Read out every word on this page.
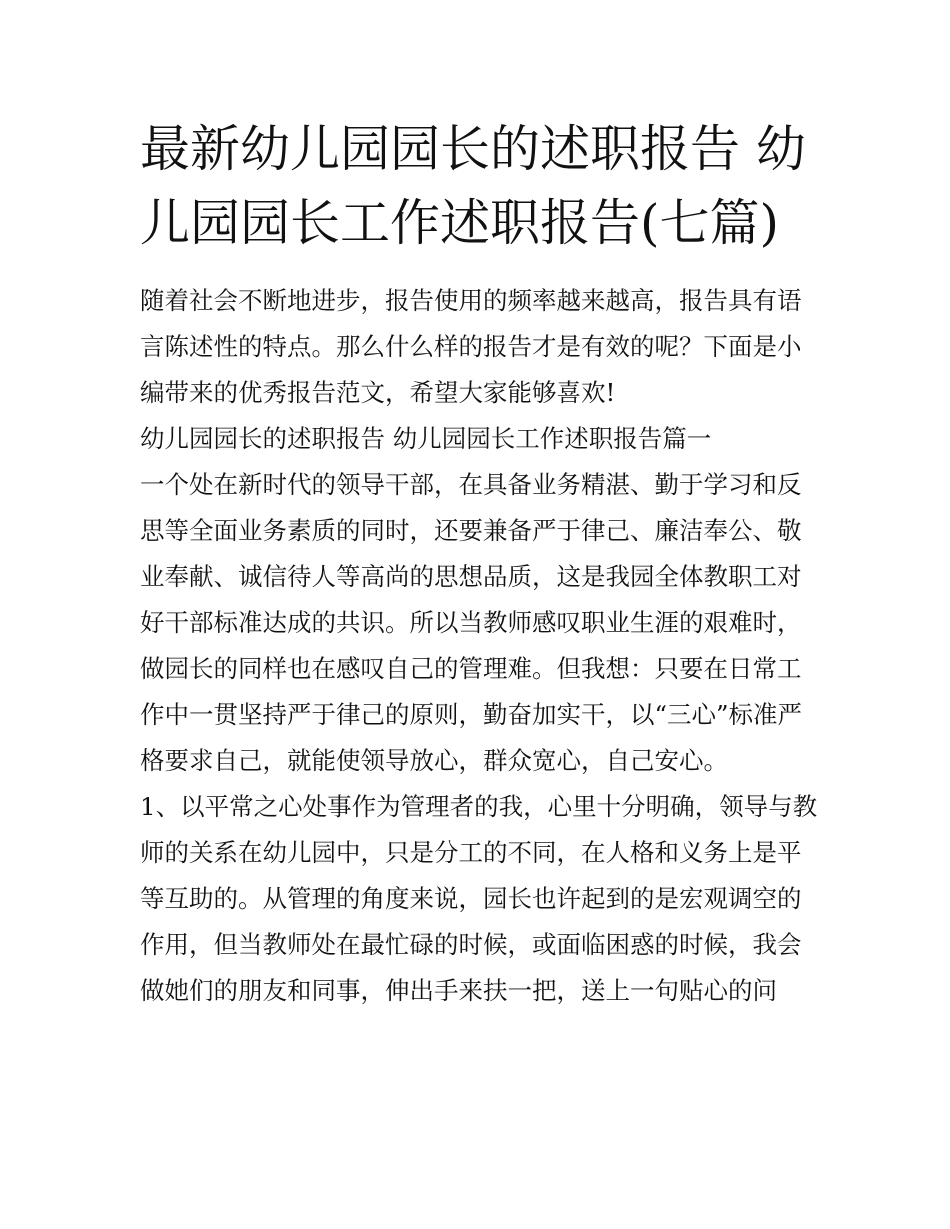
最新幼儿园园长的述职报告 幼儿园园长工作述职报告(七篇)

随着社会不断地进步，报告使用的频率越来越高，报告具有语言陈述性的特点。那么什么样的报告才是有效的呢？下面是小编带来的优秀报告范文，希望大家能够喜欢!

幼儿园园长的述职报告 幼儿园园长工作述职报告篇一

一个处在新时代的领导干部，在具备业务精湛、勤于学习和反思等全面业务素质的同时，还要兼备严于律己、廉洁奉公、敬业奉献、诚信待人等高尚的思想品质，这是我园全体教职工对好干部标准达成的共识。所以当教师感叹职业生涯的艰难时，做园长的同样也在感叹自己的管理难。但我想：只要在日常工作中一贯坚持严于律己的原则，勤奋加实干，以“三心”标准严格要求自己，就能使领导放心，群众宽心，自己安心。

1、以平常之心处事作为管理者的我，心里十分明确，领导与教师的关系在幼儿园中，只是分工的不同，在人格和义务上是平等互助的。从管理的角度来说，园长也许起到的是宏观调空的作用，但当教师处在最忙碌的时候，或面临困惑的时候，我会做她们的朋友和同事，伸出手来扶一把，送上一句贴心的问
